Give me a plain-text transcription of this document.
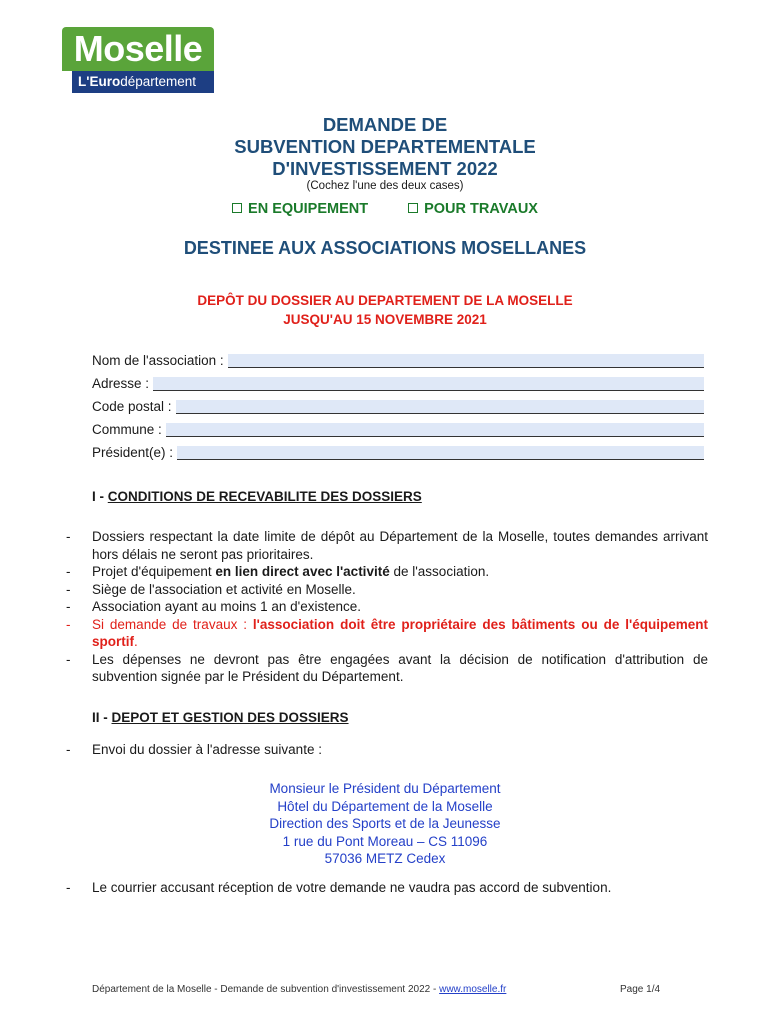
Moselle
L'Eurodépartement
DEMANDE DE
SUBVENTION DEPARTEMENTALE
D'INVESTISSEMENT 2022
(Cochez l'une des deux cases)
EN EQUIPEMENT	POUR TRAVAUX
DESTINEE AUX ASSOCIATIONS MOSELLANES
DEPÔT DU DOSSIER AU DEPARTEMENT DE LA MOSELLE
JUSQU'AU 15 NOVEMBRE 2021
Nom de l'association :
Adresse :
Code postal :
Commune :
Président(e) :
I - CONDITIONS DE RECEVABILITE DES DOSSIERS
- Dossiers respectant la date limite de dépôt au Département de la Moselle, toutes demandes arrivant hors délais ne seront pas prioritaires.
- Projet d'équipement en lien direct avec l'activité de l'association.
- Siège de l'association et activité en Moselle.
- Association ayant au moins 1 an d'existence.
- Si demande de travaux : l'association doit être propriétaire des bâtiments ou de l'équipement sportif.
- Les dépenses ne devront pas être engagées avant la décision de notification d'attribution de subvention signée par le Président du Département.
II - DEPOT ET GESTION DES DOSSIERS
- Envoi du dossier à l'adresse suivante :
Monsieur le Président du Département
Hôtel du Département de la Moselle
Direction des Sports et de la Jeunesse
1 rue du Pont Moreau – CS 11096
57036 METZ Cedex
- Le courrier accusant réception de votre demande ne vaudra pas accord de subvention.
Département de la Moselle - Demande de subvention d'investissement 2022 - www.moselle.fr	Page 1/4
